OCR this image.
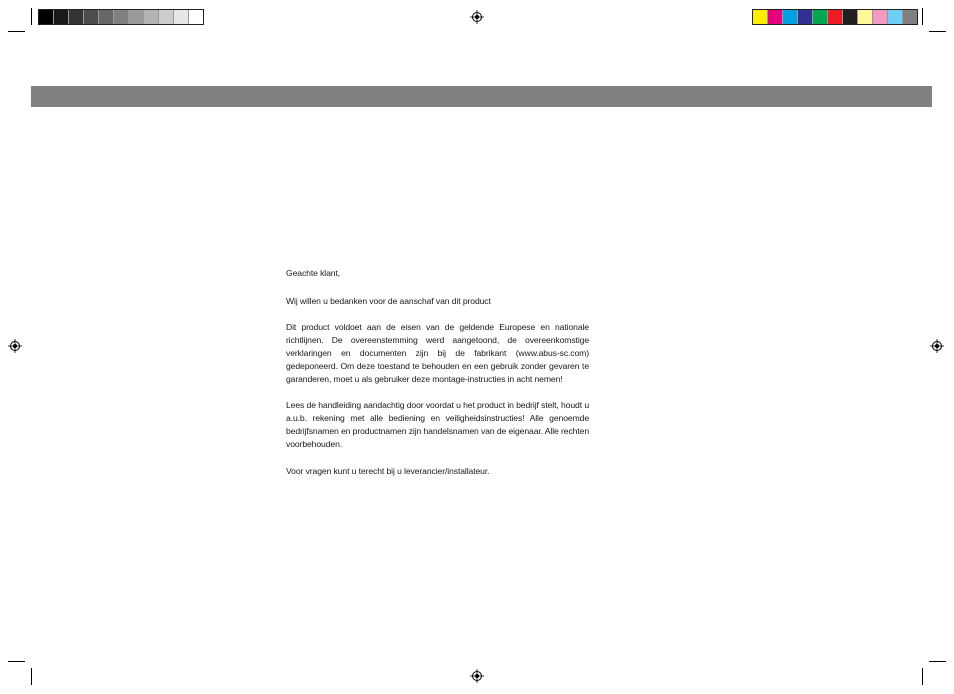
Geachte klant,

Wij willen u bedanken voor de aanschaf van dit product

Dit product voldoet aan de eisen van de geldende Europese en nationale richtlijnen. De overeenstemming werd aangetoond, de overeenkomstige verklaringen en documenten zijn bij de fabrikant (www.abus-sc.com) gedeponeerd. Om deze toestand te behouden en een gebruik zonder gevaren te garanderen, moet u als gebruiker deze montage-instructies in acht nemen!

Lees de handleiding aandachtig door voordat u het product in bedrijf stelt, houdt u a.u.b. rekening met alle bediening en veiligheidsinstructies! Alle genoemde bedrijfsnamen en productnamen zijn handelsnamen van de eigenaar. Alle rechten voorbehouden.

Voor vragen kunt u terecht bij u leverancier/installateur.
